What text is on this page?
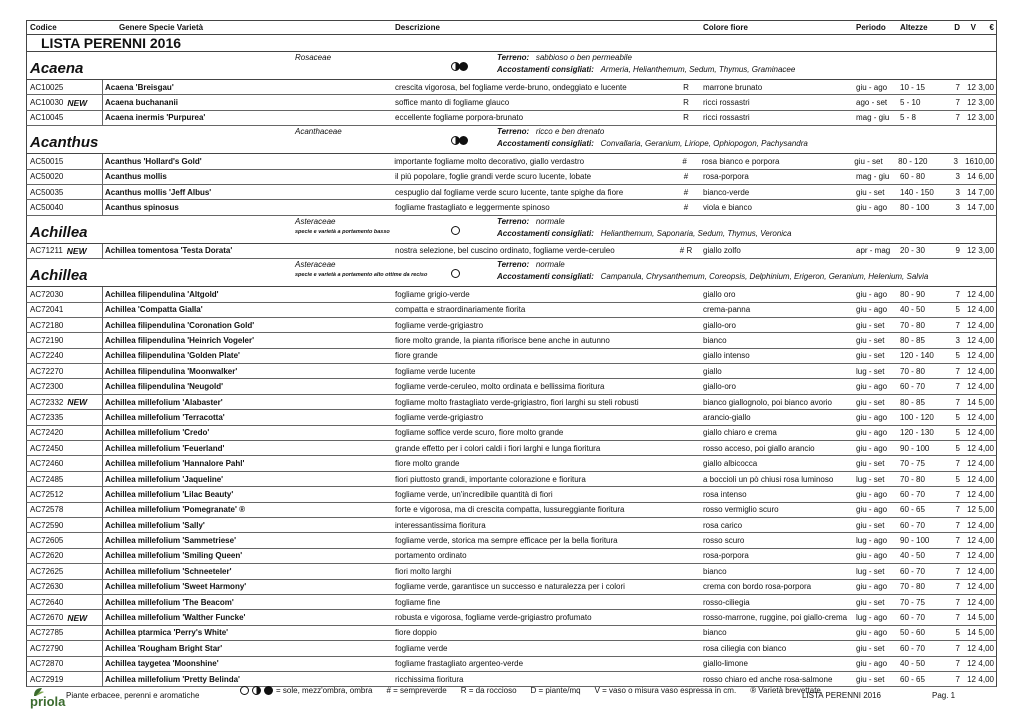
Codice	Genere Specie Varietà	Descrizione	Colore fiore	Periodo	Altezze	D	V	€
LISTA PERENNI 2016
Acaena
Rosaceae	Terreno: sabbioso o ben permeabile
Accostamenti consigliati: Armeria, Helianthemum, Sedum, Thymus, Graminacee
AC10025	Acaena 'Breisgau'	crescita vigorosa, bel fogliame verde-bruno, ondeggiato e lucente	R	marrone brunato	giu - ago	10 - 15	7 12 3,00
AC10030 NEW Acaena buchananii	soffice manto di fogliame glauco	R	ricci rossastri	ago - set	5 - 10	7 12 3,00
AC10045	Acaena inermis 'Purpurea'	eccellente fogliame porpora-brunato	R	ricci rossastri	mag - giu	5 - 8	7 12 3,00
Acanthus
Acanthaceae	Terreno: ricco e ben drenato
Accostamenti consigliati: Convallaria, Geranium, Liriope, Ophiopogon, Pachysandra
AC50015	Acanthus 'Hollard's Gold'	importante fogliame molto decorativo, giallo verdastro	#	rosa bianco e porpora	giu - set	80 - 120	3 16 10,00
AC50020	Acanthus mollis	il più popolare, foglie grandi verde scuro lucente, lobate	#	rosa-porpora	mag - giu	60 - 80	3 14 6,00
AC50035	Acanthus mollis 'Jeff Albus'	cespuglio dal fogliame verde scuro lucente, tante spighe da fiore	#	bianco-verde	giu - set	140 - 150	3 14 7,00
AC50040	Acanthus spinosus	fogliame frastagliato e leggermente spinoso	#	viola e bianco	giu - ago	80 - 100	3 14 7,00
Achillea
Asteraceae
specie e varietà a portamento basso
Terreno: normale
Accostamenti consigliati: Helianthemum, Saponaria, Sedum, Thymus, Veronica
AC71211 NEW Achillea tomentosa 'Testa Dorata'	nostra selezione, bel cuscino ordinato, fogliame verde-ceruleo	# R	giallo zolfo	apr - mag	20 - 30	9 12 3,00
Achillea
Asteraceae
specie e varietà a portamento alto ottime da reciso
Terreno: normale
Accostamenti consigliati: Campanula, Chrysanthemum, Coreopsis, Delphinium, Erigeron, Geranium, Helenium, Salvia
AC72030	Achillea filipendulina 'Altgold'	fogliame grigio-verde	giallo oro	giu - ago	80 - 90	7 12 4,00
AC72041	Achillea 'Compatta Gialla'	compatta e straordinariamente fiorita	crema-panna	giu - ago	40 - 50	5 12 4,00
AC72180	Achillea filipendulina 'Coronation Gold'	fogliame verde-grigiastro	giallo-oro	giu - set	70 - 80	7 12 4,00
AC72190	Achillea filipendulina 'Heinrich Vogeler'	fiore molto grande, la pianta rifiorisce bene anche in autunno	bianco	giu - set	80 - 85	3 12 4,00
AC72240	Achillea filipendulina 'Golden Plate'	fiore grande	giallo intenso	giu - set	120 - 140	5 12 4,00
AC72270	Achillea filipendulina 'Moonwalker'	fogliame verde lucente	giallo	lug - set	70 - 80	7 12 4,00
AC72300	Achillea filipendulina 'Neugold'	fogliame verde-ceruleo, molto ordinata e bellissima fioritura	giallo-oro	giu - ago	60 - 70	7 12 4,00
AC72332 NEW Achillea millefolium 'Alabaster'	fogliame molto frastagliato verde-grigiastro, fiori larghi su steli robusti	bianco giallognolo, poi bianco avorio	giu - set	80 - 85	7 14 5,00
AC72335	Achillea millefolium 'Terracotta'	fogliame verde-grigiastro	arancio-giallo	giu - ago	100 - 120	5 12 4,00
AC72420	Achillea millefolium 'Credo'	fogliame soffice verde scuro, fiore molto grande	giallo chiaro e crema	giu - ago	120 - 130	5 12 4,00
AC72450	Achillea millefolium 'Feuerland'	grande effetto per i colori caldi i fiori larghi e lunga fioritura	rosso acceso, poi giallo arancio	giu - ago	90 - 100	5 12 4,00
AC72460	Achillea millefolium 'Hannalore Pahl'	fiore molto grande	giallo albicocca	giu - set	70 - 75	7 12 4,00
AC72485	Achillea millefolium 'Jaqueline'	fiori piuttosto grandi, importante colorazione e fioritura	a boccioli un pò chiusi rosa luminoso	lug - set	70 - 80	5 12 4,00
AC72512	Achillea millefolium 'Lilac Beauty'	fogliame verde, un'incredibile quantità di fiori	rosa intenso	giu - ago	60 - 70	7 12 4,00
AC72578	Achillea millefolium 'Pomegranate' ®	forte e vigorosa, ma di crescita compatta, lussureggiante fioritura	rosso vermiglio scuro	giu - ago	60 - 65	7 12 5,00
AC72590	Achillea millefolium 'Sally'	interessantissima fioritura	rosa carico	giu - set	60 - 70	7 12 4,00
AC72605	Achillea millefolium 'Sammetriese'	fogliame verde, storica ma sempre efficace per la bella fioritura	rosso scuro	lug - ago	90 - 100	7 12 4,00
AC72620	Achillea millefolium 'Smiling Queen'	portamento ordinato	rosa-porpora	giu - ago	40 - 50	7 12 4,00
AC72625	Achillea millefolium 'Schneeteler'	fiori molto larghi	bianco	lug - set	60 - 70	7 12 4,00
AC72630	Achillea millefolium 'Sweet Harmony'	fogliame verde, garantisce un successo e naturalezza per i colori	crema con bordo rosa-porpora	giu - ago	70 - 80	7 12 4,00
AC72640	Achillea millefolium 'The Beacom'	fogliame fine	rosso-ciliegia	giu - set	70 - 75	7 12 4,00
AC72670 NEW Achillea millefolium 'Walther Funcke'	robusta e vigorosa, fogliame verde-grigiastro profumato	rosso-marrone, ruggine, poi giallo-crema	lug - ago	60 - 70	7 14 5,00
AC72785	Achillea ptarmica 'Perry's White'	fiore doppio	bianco	giu - ago	50 - 60	5 14 5,00
AC72790	Achillea 'Rougham Bright Star'	fogliame verde	rosa ciliegia con bianco	giu - set	60 - 70	7 12 4,00
AC72870	Achillea taygetea 'Moonshine'	fogliame frastagliato argenteo-verde	giallo-limone	giu - ago	40 - 50	7 12 4,00
AC72919	Achillea millefolium 'Pretty Belinda'	ricchissima fioritura	rosso chiaro ed anche rosa-salmone	giu - set	60 - 65	7 12 4,00
priola Piante erbacee, perenni e aromatiche
= sole, mezz'ombra, ombra # = sempreverde R = da roccioso D = piante/mq V = vaso o misura vaso espressa in cm. ® Varietà brevettate
LISTA PERENNI 2016	Pag. 1
